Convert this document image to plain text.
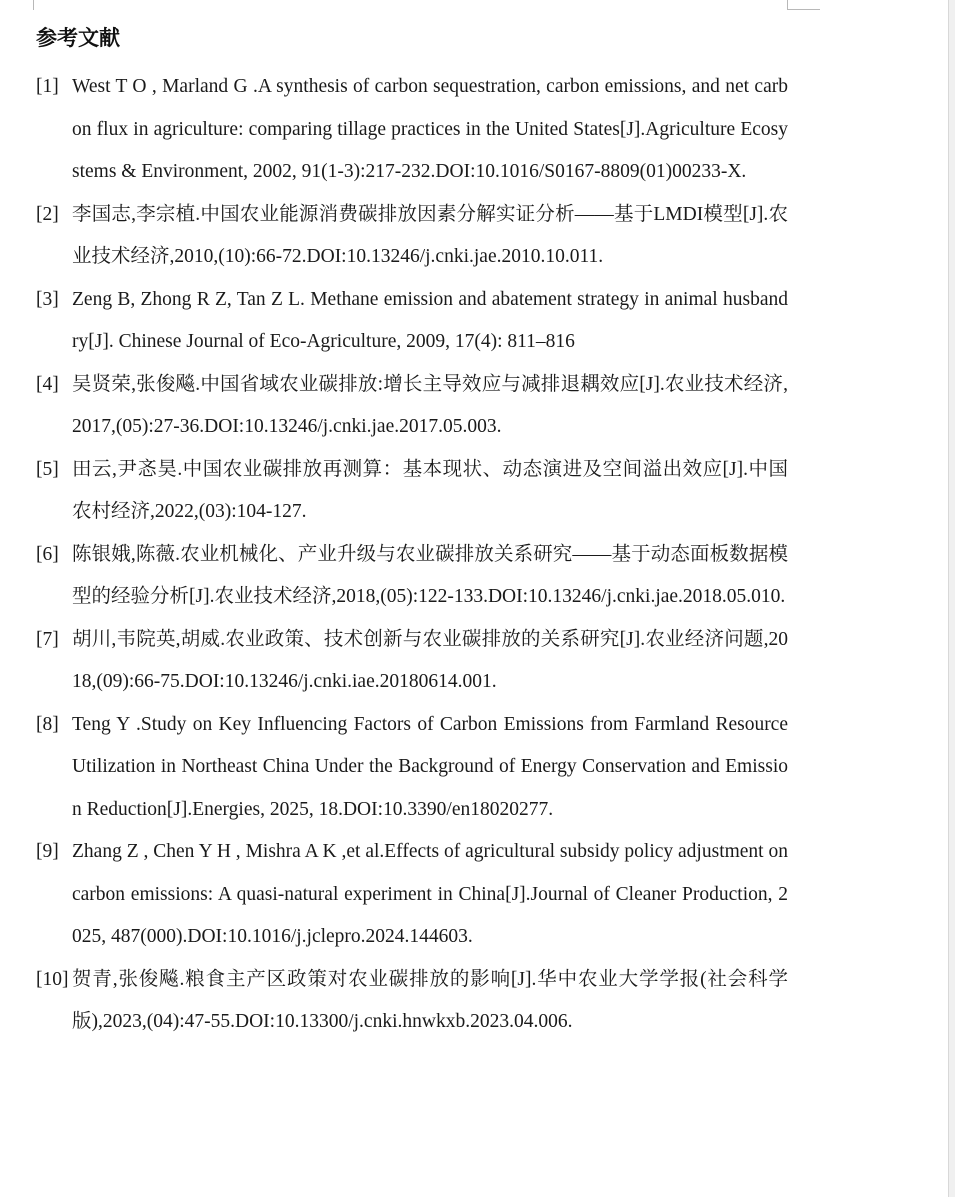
参考文献
[1] West T O , Marland G .A synthesis of carbon sequestration, carbon emissions, and net carbon flux in agriculture: comparing tillage practices in the United States[J].Agriculture Ecosystems & Environment, 2002, 91(1-3):217-232.DOI:10.1016/S0167-8809(01)00233-X.
[2] 李国志,李宗植.中国农业能源消费碳排放因素分解实证分析——基于LMDI模型[J].农业技术经济,2010,(10):66-72.DOI:10.13246/j.cnki.jae.2010.10.011.
[3] Zeng B, Zhong R Z, Tan Z L. Methane emission and abatement strategy in animal husbandry[J]. Chinese Journal of Eco-Agriculture, 2009, 17(4): 811–816
[4] 吴贤荣,张俊飚.中国省域农业碳排放:增长主导效应与减排退耦效应[J].农业技术经济,2017,(05):27-36.DOI:10.13246/j.cnki.jae.2017.05.003.
[5] 田云,尹忞昊.中国农业碳排放再测算：基本现状、动态演进及空间溢出效应[J].中国农村经济,2022,(03):104-127.
[6] 陈银娥,陈薇.农业机械化、产业升级与农业碳排放关系研究——基于动态面板数据模型的经验分析[J].农业技术经济,2018,(05):122-133.DOI:10.13246/j.cnki.jae.2018.05.010.
[7] 胡川,韦院英,胡威.农业政策、技术创新与农业碳排放的关系研究[J].农业经济问题,2018,(09):66-75.DOI:10.13246/j.cnki.iae.20180614.001.
[8] Teng Y .Study on Key Influencing Factors of Carbon Emissions from Farmland Resource Utilization in Northeast China Under the Background of Energy Conservation and Emission Reduction[J].Energies, 2025, 18.DOI:10.3390/en18020277.
[9] Zhang Z , Chen Y H , Mishra A K ,et al.Effects of agricultural subsidy policy adjustment on carbon emissions: A quasi-natural experiment in China[J].Journal of Cleaner Production, 2025, 487(000).DOI:10.1016/j.jclepro.2024.144603.
[10] 贺青,张俊飚.粮食主产区政策对农业碳排放的影响[J].华中农业大学学报(社会科学版),2023,(04):47-55.DOI:10.13300/j.cnki.hnwkxb.2023.04.006.
